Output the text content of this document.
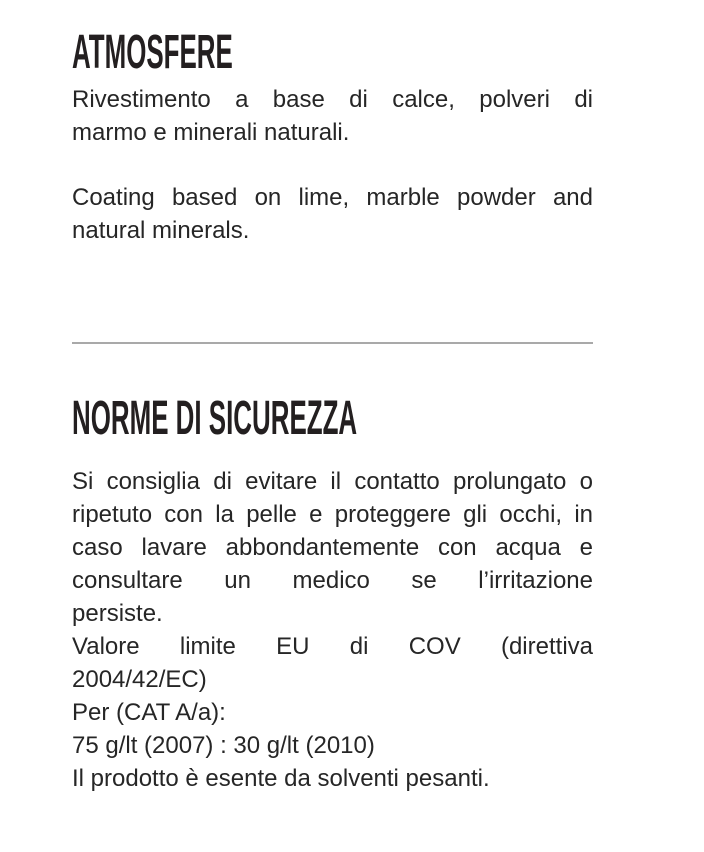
ATMOSFERE
Rivestimento a base di calce, polveri di
marmo e minerali naturali.
Coating based on lime, marble powder and
natural minerals.
NORME DI SICUREZZA
Si consiglia di evitare il contatto prolungato o
ripetuto con la pelle e proteggere gli occhi, in
caso lavare abbondantemente con acqua e
consultare un medico se l’irritazione
persiste.
Valore limite EU di COV (direttiva
2004/42/EC)
Per (CAT A/a):
75 g/lt (2007) : 30 g/lt (2010)
Il prodotto è esente da solventi pesanti.
